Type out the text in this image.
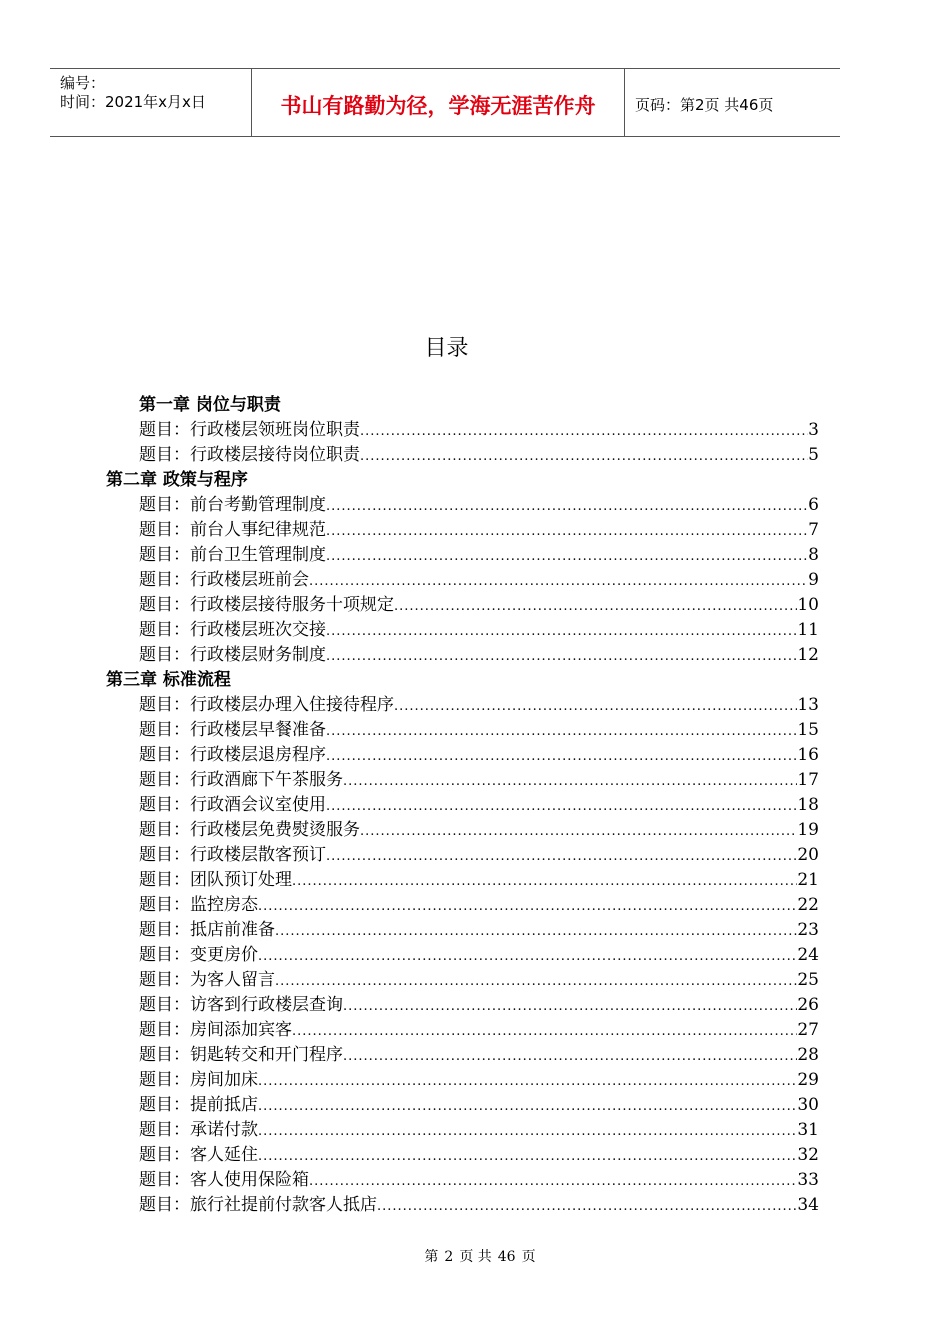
编号：
时间：2021年x月x日	书山有路勤为径，学海无涯苦作舟	页码：第2页 共46页
目录
第一章 岗位与职责
题目：行政楼层领班岗位职责 .....	3
题目：行政楼层接待岗位职责 .....	5
第二章 政策与程序
题目：前台考勤管理制度 .....	6
题目：前台人事纪律规范 .....	7
题目：前台卫生管理制度 .....	8
题目：行政楼层班前会 .....	9
题目：行政楼层接待服务十项规定 .....	10
题目：行政楼层班次交接 .....	11
题目：行政楼层财务制度 .....	12
第三章 标准流程
题目：行政楼层办理入住接待程序 .....	13
题目：行政楼层早餐准备 .....	15
题目：行政楼层退房程序 .....	16
题目：行政酒廊下午茶服务 .....	17
题目：行政酒会议室使用 .....	18
题目：行政楼层免费熨烫服务 .....	19
题目：行政楼层散客预订 .....	20
题目：团队预订处理 .....	21
题目：监控房态 .....	22
题目：抵店前准备 .....	23
题目：变更房价 .....	24
题目：为客人留言 .....	25
题目：访客到行政楼层查询 .....	26
题目：房间添加宾客 .....	27
题目：钥匙转交和开门程序 .....	28
题目：房间加床 .....	29
题目：提前抵店 .....	30
题目：承诺付款 .....	31
题目：客人延住 .....	32
题目：客人使用保险箱 .....	33
题目：旅行社提前付款客人抵店 .....	34
第 2 页 共 46 页
